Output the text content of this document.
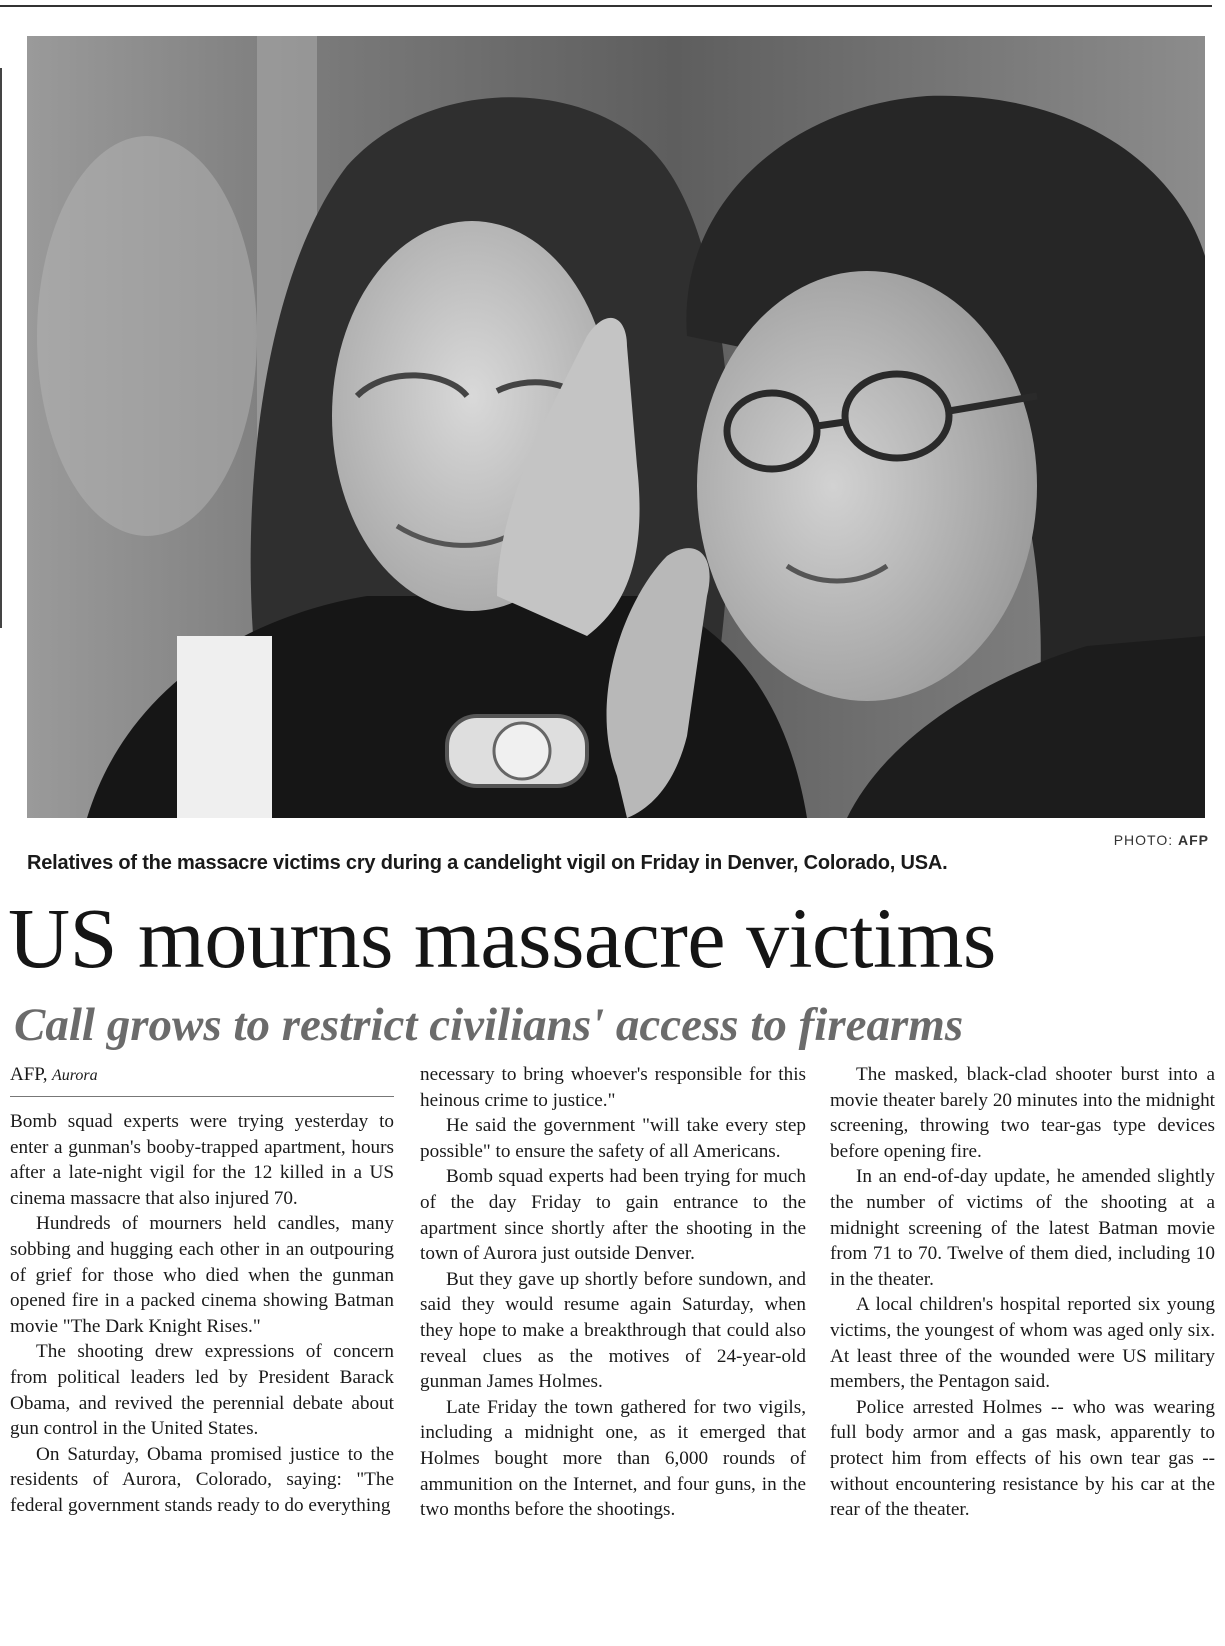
PHOTO: AFP
Relatives of the massacre victims cry during a candelight vigil on Friday in Denver, Colorado, USA.
US mourns massacre victims
Call grows to restrict civilians' access to firearms
AFP, Aurora

Bomb squad experts were trying yesterday to enter a gunman's booby-trapped apartment, hours after a late-night vigil for the 12 killed in a US cinema massacre that also injured 70.

Hundreds of mourners held candles, many sobbing and hugging each other in an outpouring of grief for those who died when the gunman opened fire in a packed cinema showing Batman movie "The Dark Knight Rises."

The shooting drew expressions of concern from political leaders led by President Barack Obama, and revived the perennial debate about gun control in the United States.

On Saturday, Obama promised justice to the residents of Aurora, Colorado, saying: "The federal government stands ready to do everything

necessary to bring whoever's responsible for this heinous crime to justice."

He said the government "will take every step possible" to ensure the safety of all Americans.

Bomb squad experts had been trying for much of the day Friday to gain entrance to the apartment since shortly after the shooting in the town of Aurora just outside Denver.

But they gave up shortly before sundown, and said they would resume again Saturday, when they hope to make a breakthrough that could also reveal clues as the motives of 24-year-old gunman James Holmes.

Late Friday the town gathered for two vigils, including a midnight one, as it emerged that Holmes bought more than 6,000 rounds of ammunition on the Internet, and four guns, in the two months before the shootings.

The masked, black-clad shooter burst into a movie theater barely 20 minutes into the midnight screening, throwing two tear-gas type devices before opening fire.

In an end-of-day update, he amended slightly the number of victims of the shooting at a midnight screening of the latest Batman movie from 71 to 70. Twelve of them died, including 10 in the theater.

A local children's hospital reported six young victims, the youngest of whom was aged only six. At least three of the wounded were US military members, the Pentagon said.

Police arrested Holmes -- who was wearing full body armor and a gas mask, apparently to protect him from effects of his own tear gas -- without encountering resistance by his car at the rear of the theater.
